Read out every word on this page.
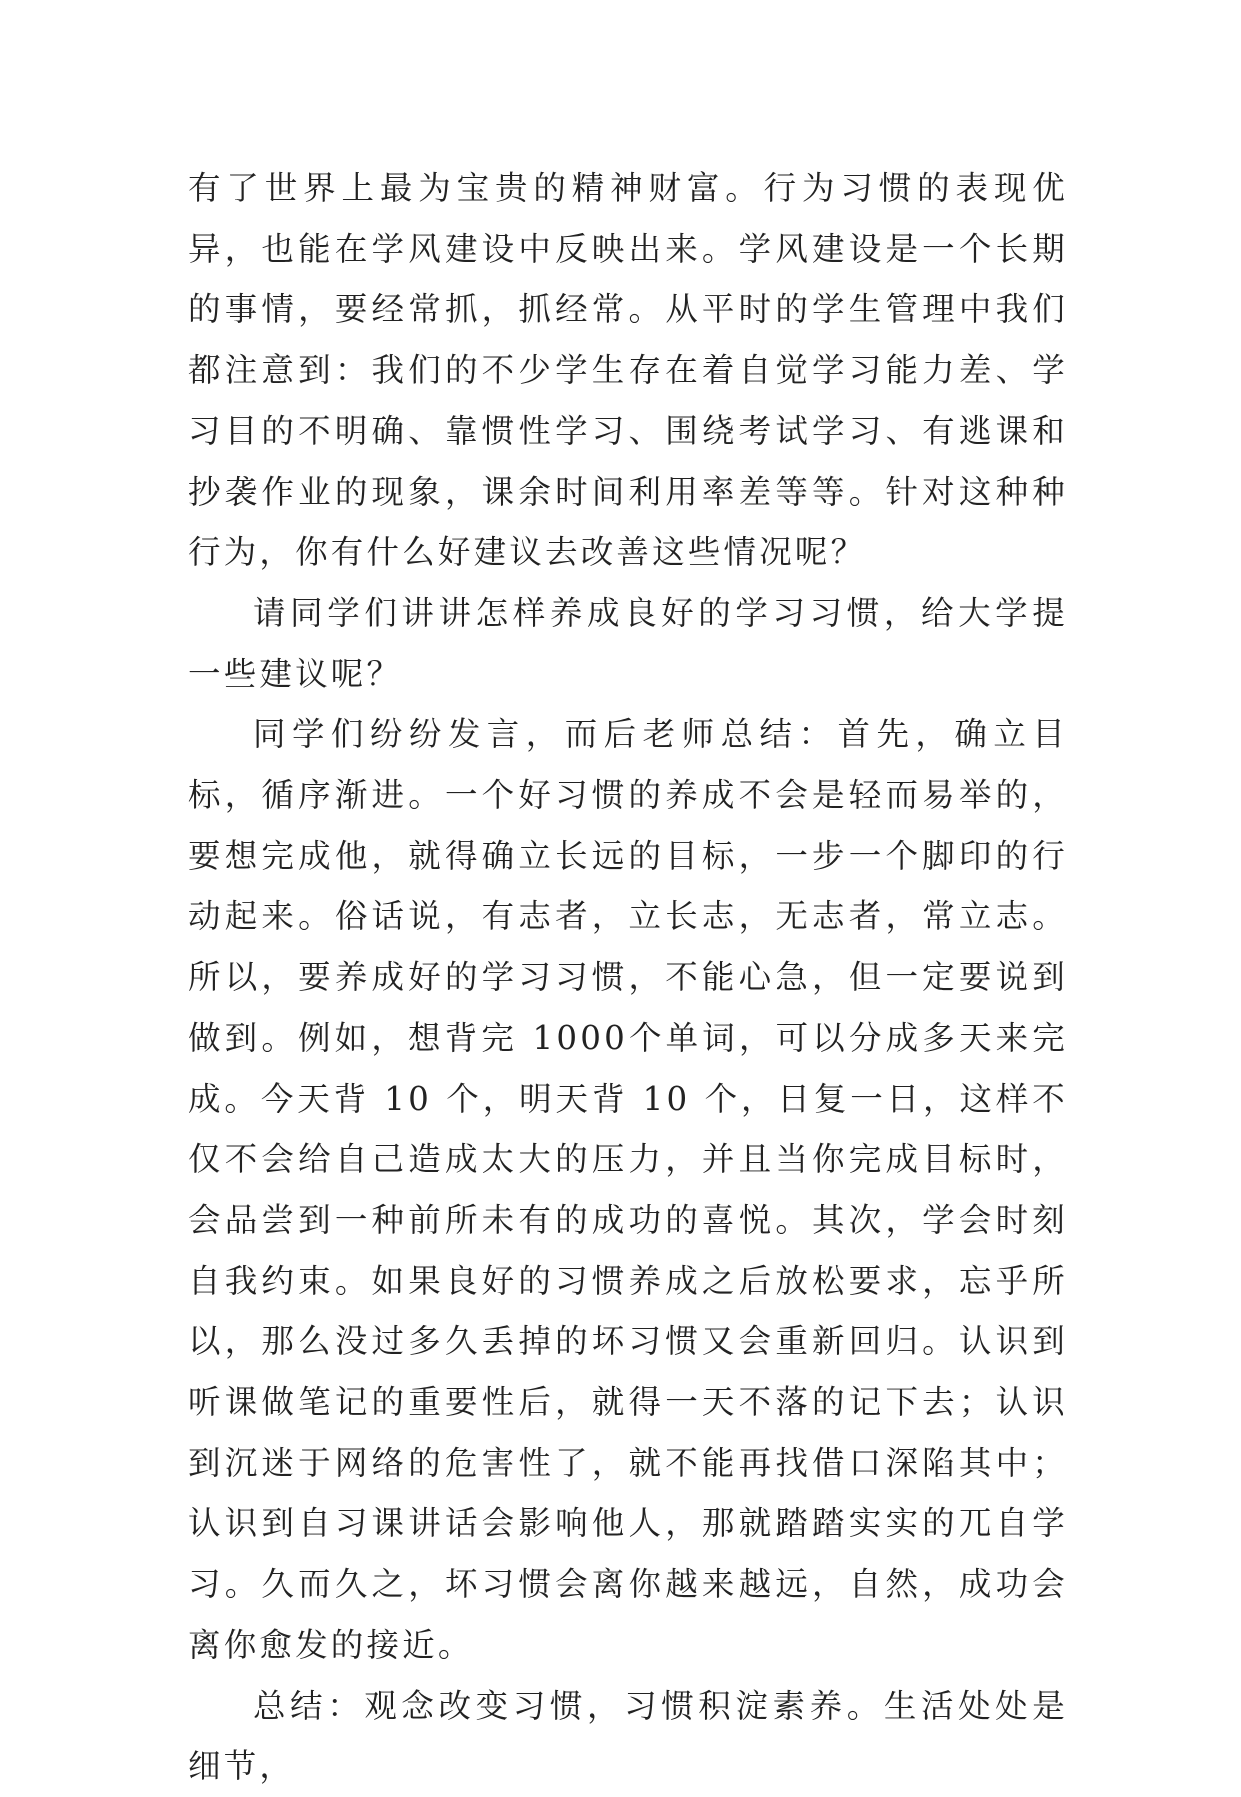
有了世界上最为宝贵的精神财富。行为习惯的表现优异，也能在学风建设中反映出来。学风建设是一个长期的事情，要经常抓，抓经常。从平时的学生管理中我们都注意到：我们的不少学生存在着自觉学习能力差、学习目的不明确、靠惯性学习、围绕考试学习、有逃课和抄袭作业的现象，课余时间利用率差等等。针对这种种行为，你有什么好建议去改善这些情况呢？

请同学们讲讲怎样养成良好的学习习惯，给大学提一些建议呢？

同学们纷纷发言，而后老师总结：首先，确立目标，循序渐进。一个好习惯的养成不会是轻而易举的，要想完成他，就得确立长远的目标，一步一个脚印的行动起来。俗话说，有志者，立长志，无志者，常立志。所以，要养成好的学习习惯，不能心急，但一定要说到做到。例如，想背完 1000个单词，可以分成多天来完成。今天背 10 个，明天背 10 个，日复一日，这样不仅不会给自己造成太大的压力，并且当你完成目标时，会品尝到一种前所未有的成功的喜悦。其次，学会时刻自我约束。如果良好的习惯养成之后放松要求，忘乎所以，那么没过多久丢掉的坏习惯又会重新回归。认识到听课做笔记的重要性后，就得一天不落的记下去；认识到沉迷于网络的危害性了，就不能再找借口深陷其中；认识到自习课讲话会影响他人，那就踏踏实实的兀自学习。久而久之，坏习惯会离你越来越远，自然，成功会离你愈发的接近。

总结：观念改变习惯，习惯积淀素养。生活处处是细节，
